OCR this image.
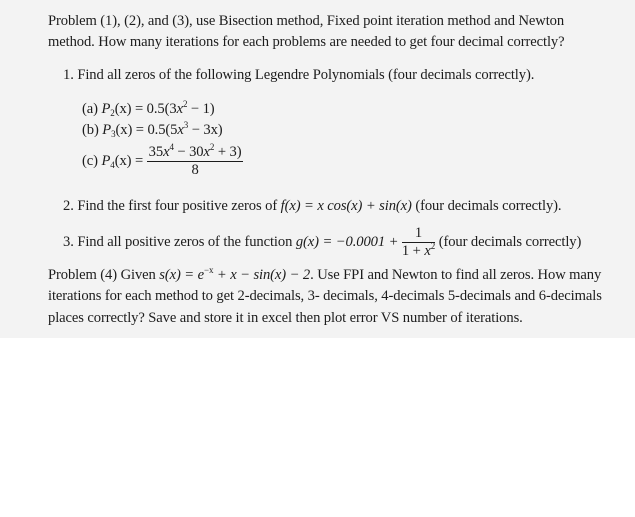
Problem (1), (2), and (3), use Bisection method, Fixed point iteration method and Newton
method. How many iterations for each problems are needed to get four decimal correctly?
1. Find all zeros of the following Legendre Polynomials (four decimals correctly).
(a) $P_2(x) = 0.5(3x^2 - 1)$
(b) $P_3(x) = 0.5(5x^3 - 3x)$
(c) $P_4(x) = \frac{35x^4 - 30x^2 + 3)}{8}$
2. Find the first four positive zeros of f(x) = x cos(x) + sin(x) (four decimals correctly).
3. Find all positive zeros of the function $g(x) = -0.0001 + \frac{1}{1 + x^2}$ (four decimals correctly)
Problem (4) Given $s(x) = e^{-x} + x - \sin(x) - 2$. Use FPI and Newton to find all zeros. How many
iterations for each method to get 2-decimals, 3- decimals, 4-decimals 5-decimals and 6-decimals
places correctly? Save and store it in excel then plot error VS number of iterations.
